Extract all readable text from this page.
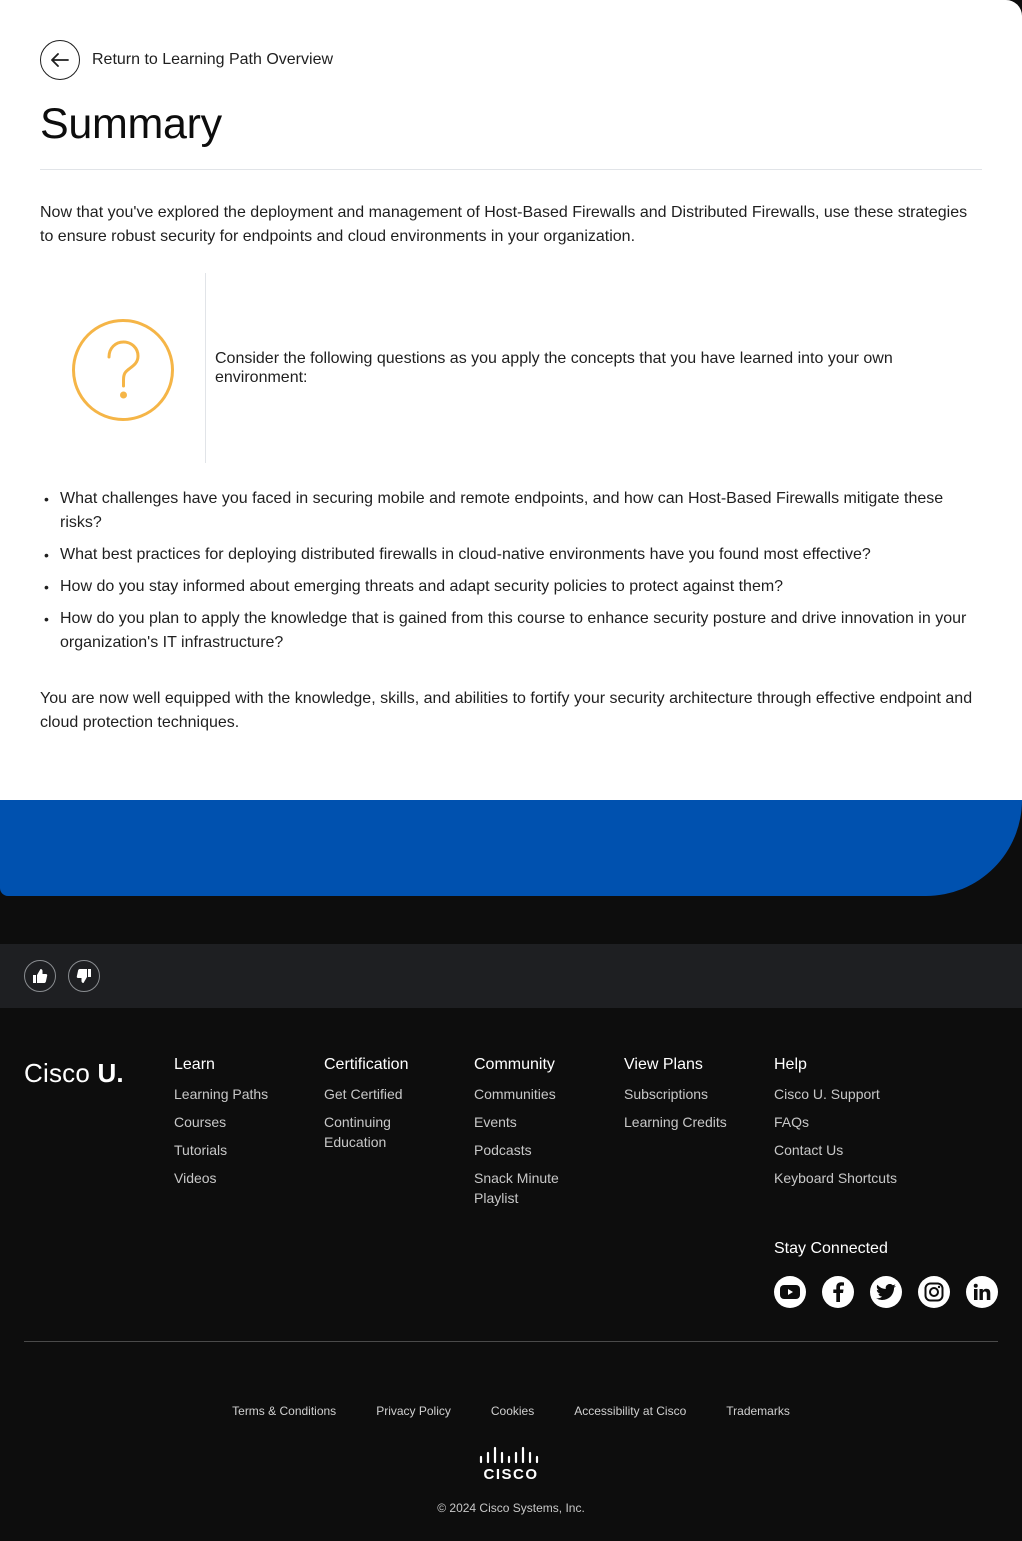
Return to Learning Path Overview
Summary

Now that you've explored the deployment and management of Host-Based Firewalls and Distributed Firewalls, use these strategies to ensure robust security for endpoints and cloud environments in your organization.

Consider the following questions as you apply the concepts that you have learned into your own environment:

• What challenges have you faced in securing mobile and remote endpoints, and how can Host-Based Firewalls mitigate these risks?
• What best practices for deploying distributed firewalls in cloud-native environments have you found most effective?
• How do you stay informed about emerging threats and adapt security policies to protect against them?
• How do you plan to apply the knowledge that is gained from this course to enhance security posture and drive innovation in your organization's IT infrastructure?

You are now well equipped with the knowledge, skills, and abilities to fortify your security architecture through effective endpoint and cloud protection techniques.

Cisco U.	Learn
Learning Paths
Courses
Tutorials
Videos
Certification
Get Certified
Continuing Education
Community
Communities
Events
Podcasts
Snack Minute Playlist
View Plans
Subscriptions
Learning Credits
Help
Cisco U. Support
FAQs
Contact Us
Keyboard Shortcuts
Stay Connected
Terms & Conditions	Privacy Policy	Cookies	Accessibility at Cisco	Trademarks
CISCO
© 2024 Cisco Systems, Inc.
